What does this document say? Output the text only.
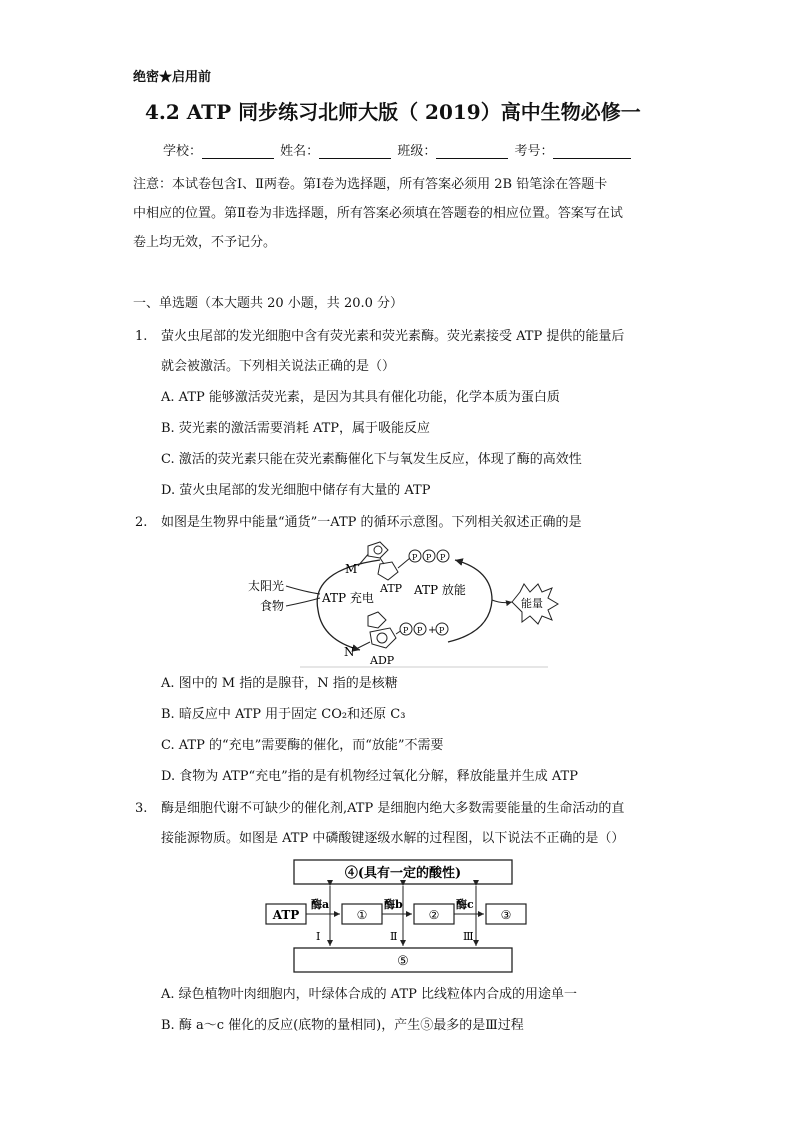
绝密★启用前
4.2 ATP 同步练习北师大版（ 2019）高中生物必修一
学校：	姓名：	班级：	考号：
注意：本试卷包含Ⅰ、Ⅱ两卷。第Ⅰ卷为选择题，所有答案必须用 2B 铅笔涂在答题卡
中相应的位置。第Ⅱ卷为非选择题，所有答案必须填在答题卷的相应位置。答案写在试
卷上均无效，不予记分。
一、单选题（本大题共 20 小题，共 20.0 分）
1. 萤火虫尾部的发光细胞中含有荧光素和荧光素酶。荧光素接受 ATP 提供的能量后
就会被激活。下列相关说法正确的是（）
A. ATP 能够激活荧光素，是因为其具有催化功能，化学本质为蛋白质
B. 荧光素的激活需要消耗 ATP，属于吸能反应
C. 激活的荧光素只能在荧光素酶催化下与氧发生反应，体现了酶的高效性
D. 萤火虫尾部的发光细胞中储存有大量的 ATP
2. 如图是生物界中能量“通货”一ATP 的循环示意图。下列相关叙述正确的是
太阳光
食物	能量
M
P P P
ATP
ATP 充电
ATP 放能
N
P P + P
ADP
A. 图中的 M 指的是腺苷，N 指的是核糖
B. 暗反应中 ATP 用于固定 CO₂和还原 C₃
C. ATP 的“充电”需要酶的催化，而“放能”不需要
D. 食物为 ATP“充电”指的是有机物经过氧化分解，释放能量并生成 ATP
3. 酶是细胞代谢不可缺少的催化剂,ATP 是细胞内绝大多数需要能量的生命活动的直
接能源物质。如图是 ATP 中磷酸键逐级水解的过程图，以下说法不正确的是（）
④(具有一定的酸性)
⑤
ATP	①	②	③
酶a	酶b	酶c
Ⅰ	Ⅱ	Ⅲ
A. 绿色植物叶肉细胞内，叶绿体合成的 ATP 比线粒体内合成的用途单一
B. 酶 a～c 催化的反应(底物的量相同)，产生⑤最多的是Ⅲ过程
